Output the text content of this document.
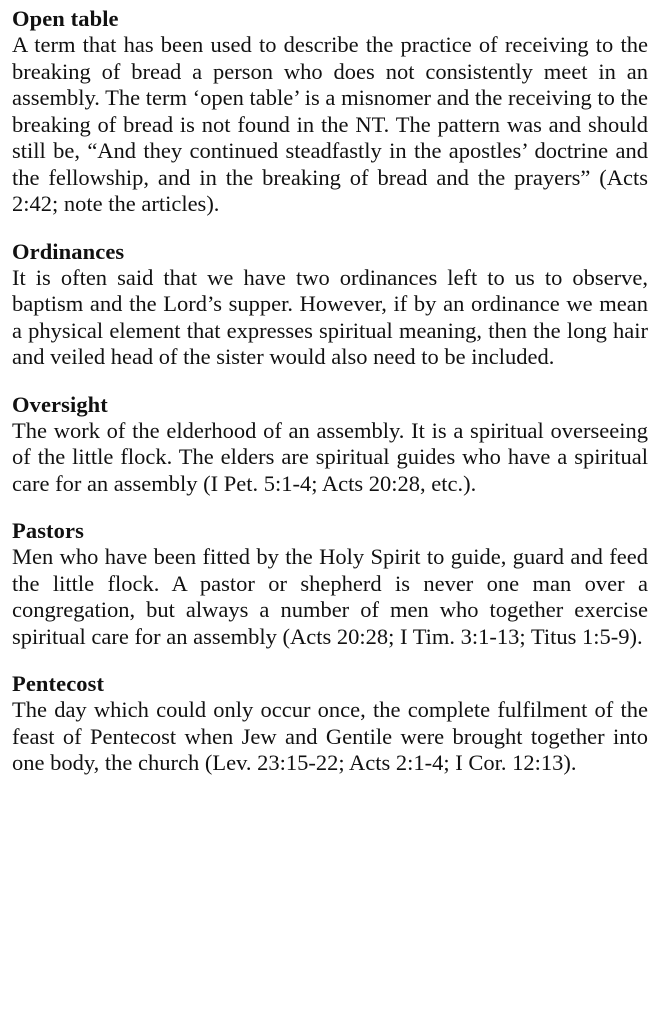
Open table

A term that has been used to describe the practice of receiving to the breaking of bread a person who does not consistently meet in an assembly. The term ‘open table’ is a misnomer and the receiving to the breaking of bread is not found in the NT. The pattern was and should still be, “And they continued steadfastly in the apostles’ doctrine and the fellowship, and in the breaking of bread and the prayers” (Acts 2:42; note the articles).

Ordinances

It is often said that we have two ordinances left to us to observe, baptism and the Lord’s supper. However, if by an ordinance we mean a physical element that expresses spiritual meaning, then the long hair and veiled head of the sister would also need to be included.

Oversight

The work of the elderhood of an assembly. It is a spiritual overseeing of the little flock. The elders are spiritual guides who have a spiritual care for an assembly (I Pet. 5:1-4; Acts 20:28, etc.).

Pastors

Men who have been fitted by the Holy Spirit to guide, guard and feed the little flock. A pastor or shepherd is never one man over a congregation, but always a number of men who together exercise spiritual care for an assembly (Acts 20:28; I Tim. 3:1-13; Titus 1:5-9).

Pentecost

The day which could only occur once, the complete fulfilment of the feast of Pentecost when Jew and Gentile were brought together into one body, the church (Lev. 23:15-22; Acts 2:1-4; I Cor. 12:13).
